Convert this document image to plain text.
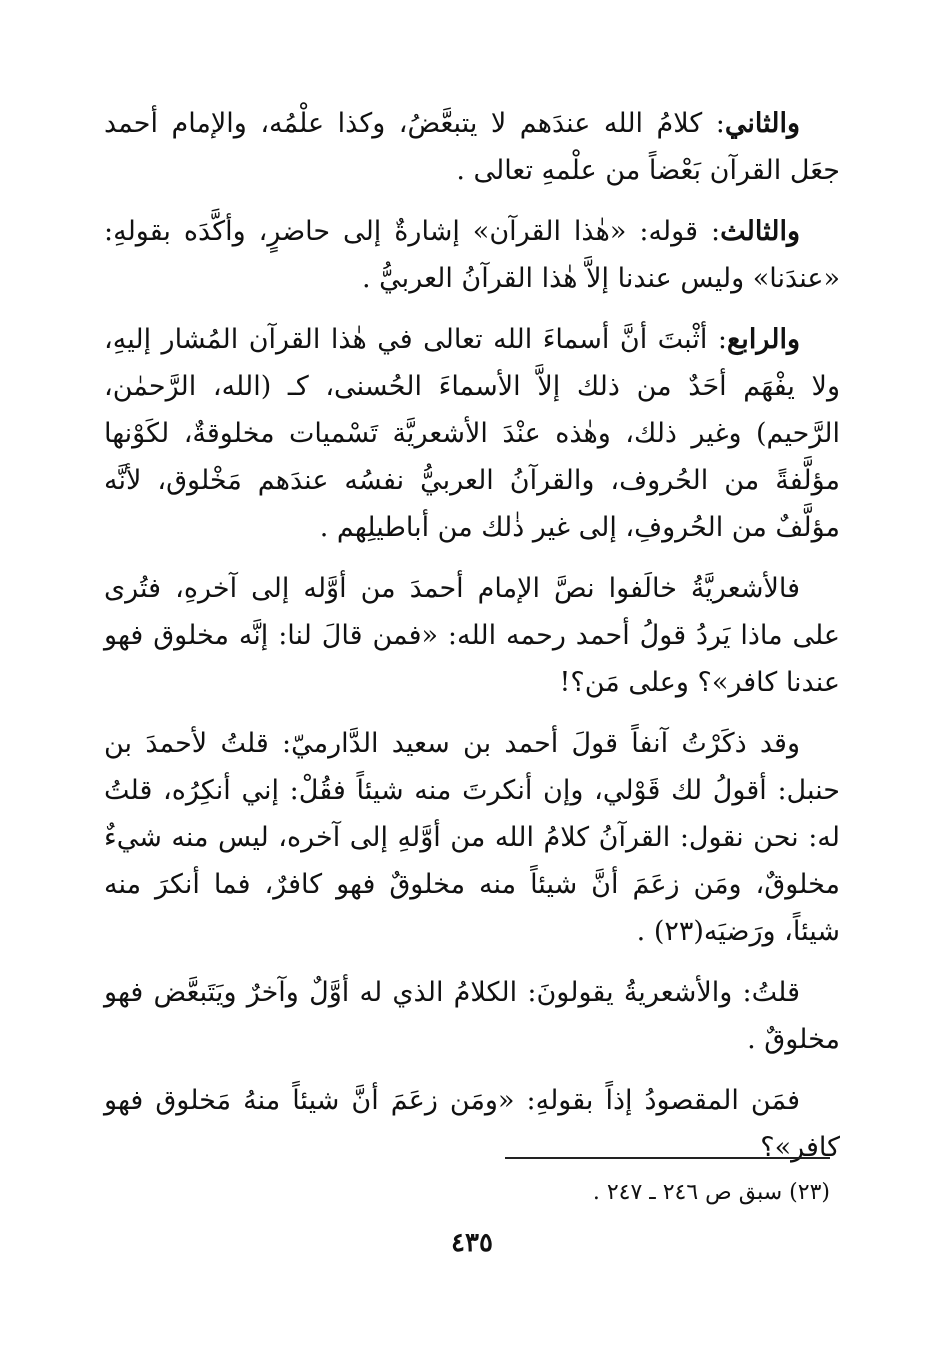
والثاني: كلامُ الله عندَهم لا يتبعَّضُ، وكذا علْمُه، والإمام أحمد جعَل القرآن بَعْضاً من علْمهِ تعالى .

والثالث: قوله: «هٰذا القرآن» إشارةٌ إلى حاضرٍ، وأكَّدَه بقولهِ: «عندَنا» وليس عندنا إلاَّ هٰذا القرآنُ العربيُّ .

والرابع: أثْبتَ أنَّ أسماءَ الله تعالى في هٰذا القرآن المُشار إليهِ، ولا يفْهَم أحَدٌ من ذلك إلاَّ الأسماءَ الحُسنى، كـ (الله، الرَّحمٰن، الرَّحيم) وغير ذلك، وهٰذه عنْدَ الأشعريَّة تَسْميات مخلوقةٌ، لكَوْنها مؤلَّفةً من الحُروف، والقرآنُ العربيُّ نفسُه عندَهم مَخْلوق، لأنَّه مؤلَّفٌ من الحُروفِ، إلى غير ذٰلك من أباطيلِهم .

فالأشعريَّةُ خالَفوا نصَّ الإمام أحمدَ من أوَّله إلى آخرهِ، فتُرى على ماذا يَردُ قولُ أحمد رحمه الله: «فمن قالَ لنا: إنَّه مخلوق فهو عندنا كافر»؟ وعلى مَن؟!

وقد ذكَرْتُ آنفاً قولَ أحمد بن سعيد الدَّارميّ: قلتُ لأحمدَ بن حنبل: أقولُ لك قَوْلي، وإن أنكرتَ منه شيئاً فقُلْ: إني أنكِرُه، قلتُ له: نحن نقول: القرآنُ كلامُ الله من أوَّلهِ إلى آخره، ليس منه شيءٌ مخلوقٌ، ومَن زعَمَ أنَّ شيئاً منه مخلوقٌ فهو كافرٌ، فما أنكرَ منه شيئاً، ورَضيَه(٢٣) .

قلتُ: والأشعريةُ يقولونَ: الكلامُ الذي له أوَّلٌ وآخرٌ ويَتَبعَّض فهو مخلوقٌ .

فمَن المقصودُ إذاً بقولهِ: «ومَن زعَمَ أنَّ شيئاً منهُ مَخلوق فهو كافر»؟

(٢٣) سبق ص ٢٤٦ ـ ٢٤٧ .
٤٣٥
